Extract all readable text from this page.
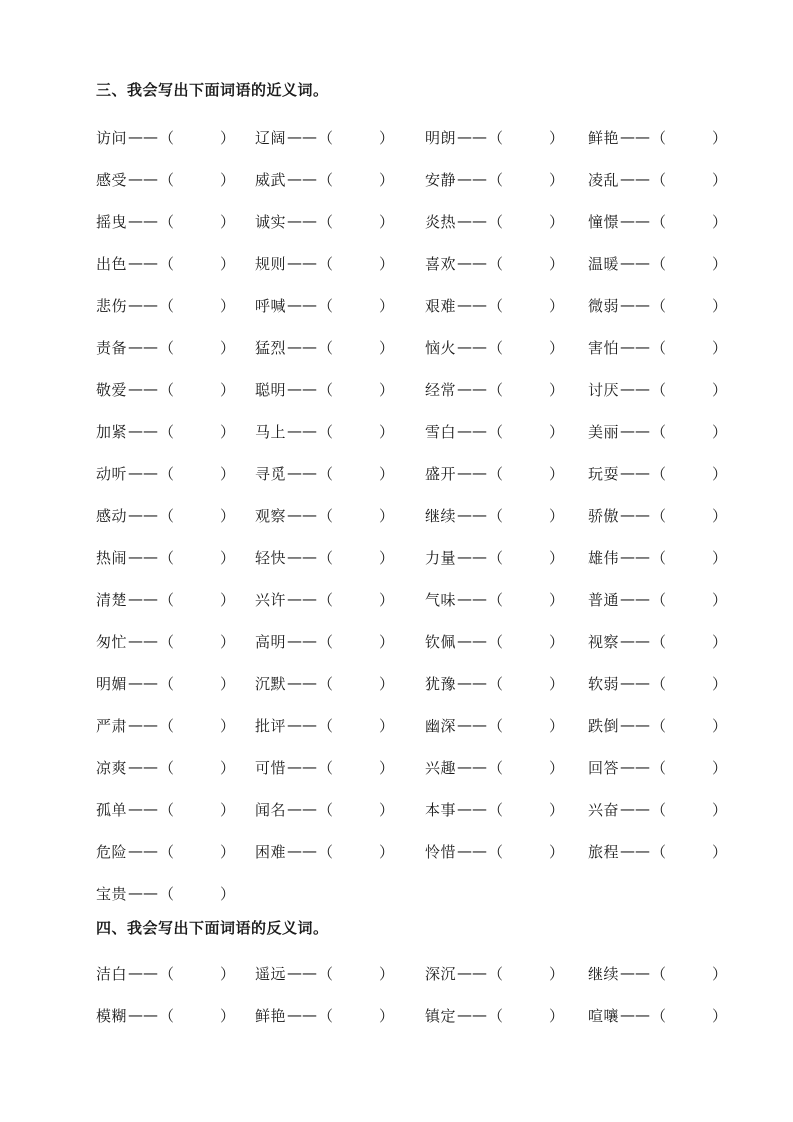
三、我会写出下面词语的近义词。
访问 —— （	） 辽阔 —— （	） 明朗 —— （	） 鲜艳 —— （	）
感受 —— （	） 威武 —— （	） 安静 —— （	） 凌乱 —— （	）
摇曳 —— （	） 诚实 —— （	） 炎热 —— （	） 憧憬 —— （	）
出色 —— （	） 规则 —— （	） 喜欢 —— （	） 温暖 —— （	）
悲伤 —— （	） 呼喊 —— （	） 艰难 —— （	） 微弱 —— （	）
责备 —— （	） 猛烈 —— （	） 恼火 —— （	） 害怕 —— （	）
敬爱 —— （	） 聪明 —— （	） 经常 —— （	） 讨厌 —— （	）
加紧 —— （	） 马上 —— （	） 雪白 —— （	） 美丽 —— （	）
动听 —— （	） 寻觅 —— （	） 盛开 —— （	） 玩耍 —— （	）
感动 —— （	） 观察 —— （	） 继续 —— （	） 骄傲 —— （	）
热闹 —— （	） 轻快 —— （	） 力量 —— （	） 雄伟 —— （	）
清楚 —— （	） 兴许 —— （	） 气味 —— （	） 普通 —— （	）
匆忙 —— （	） 高明 —— （	） 钦佩 —— （	） 视察 —— （	）
明媚 —— （	） 沉默 —— （	） 犹豫 —— （	） 软弱 —— （	）
严肃 —— （	） 批评 —— （	） 幽深 —— （	） 跌倒 —— （	）
凉爽 —— （	） 可惜 —— （	） 兴趣 —— （	） 回答 —— （	）
孤单 —— （	） 闻名 —— （	） 本事 —— （	） 兴奋 —— （	）
危险 —— （	） 困难 —— （	） 怜惜 —— （	） 旅程 —— （	）
宝贵 —— （	）
四、我会写出下面词语的反义词。
洁白 —— （	） 遥远 —— （	） 深沉 —— （	） 继续 —— （	）
模糊 —— （	） 鲜艳 —— （	） 镇定 —— （	） 喧嚷 —— （	）
